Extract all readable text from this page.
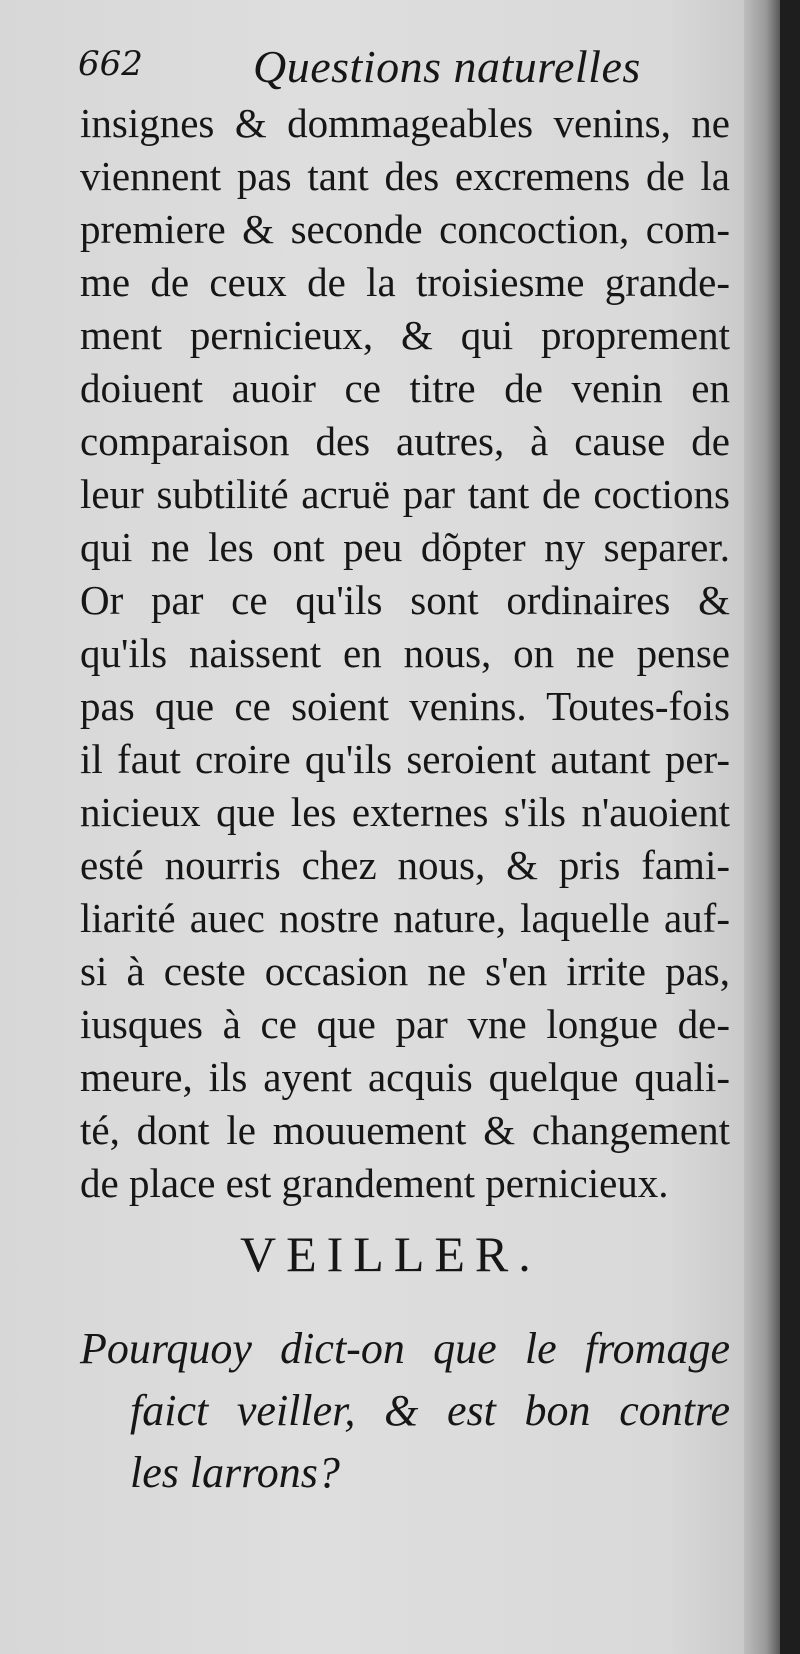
662 Questions naturelles
insignes & dommageables venins, ne
viennent pas tant des excremens de la
premiere & seconde concoction, com-
me de ceux de la troisiesme grande-
ment pernicieux, & qui proprement
doiuent auoir ce titre de venin en
comparaison des autres, à cause de
leur subtilité acruë par tant de coctions
qui ne les ont peu dõpter ny separer.
Or par ce qu'ils sont ordinaires &
qu'ils naissent en nous, on ne pense
pas que ce soient venins. Toutes-fois
il faut croire qu'ils seroient autant per-
nicieux que les externes s'ils n'auoient
esté nourris chez nous, & pris fami-
liarité auec nostre nature, laquelle auf-
si à ceste occasion ne s'en irrite pas,
iusques à ce que par vne longue de-
meure, ils ayent acquis quelque quali-
té, dont le mouuement & changement
de place est grandement pernicieux.
VEILLER.
Pourquoy dict-on que le fromage
faict veiller, & est bon contre
les larrons?
